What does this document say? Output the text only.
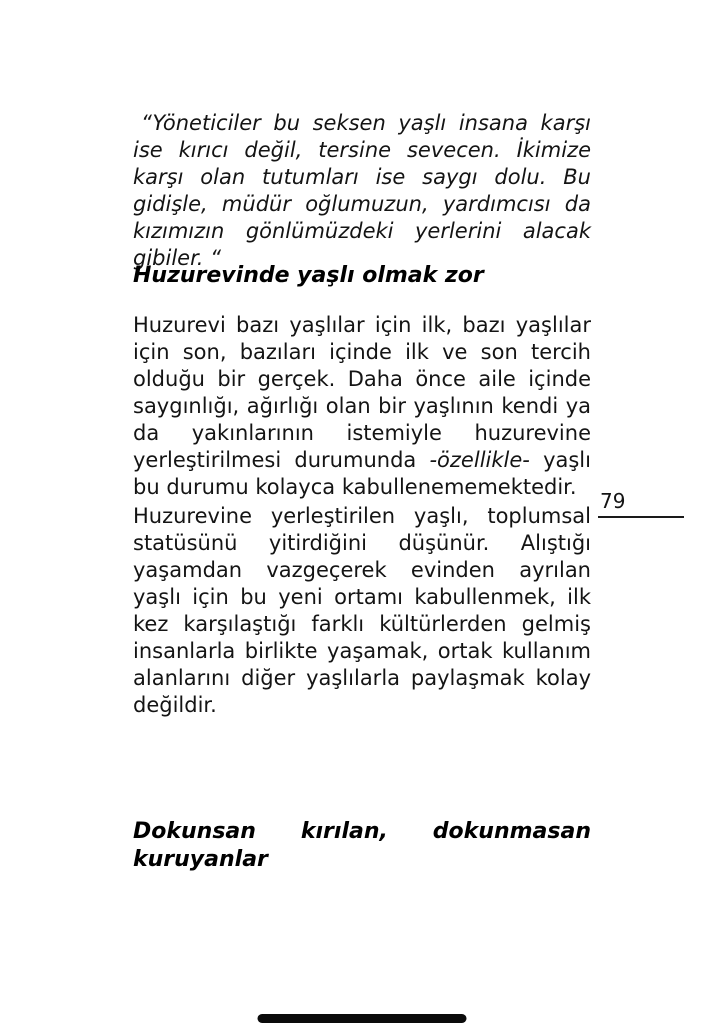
“Yöneticiler bu seksen yaşlı insana karşı ise kırıcı değil, tersine sevecen. İkimize karşı olan tutumları ise saygı dolu. Bu gidişle, müdür oğlumuzun, yardımcısı da kızımızın gönlümüzdeki yerlerini alacak gibiler. “

Huzurevinde yaşlı olmak zor

Huzurevi bazı yaşlılar için ilk, bazı yaşlılar için son, bazıları içinde ilk ve son tercih olduğu bir gerçek. Daha önce aile içinde saygınlığı, ağırlığı olan bir yaşlının kendi ya da yakınlarının istemiyle huzurevine yerleştirilmesi durumunda -özellikle- yaşlı bu durumu kolayca kabullenememektedir.

79

Huzurevine yerleştirilen yaşlı, toplumsal statüsünü yitirdiğini düşünür. Alıştığı yaşamdan vazgeçerek evinden ayrılan yaşlı için bu yeni ortamı kabullenmek, ilk kez karşılaştığı farklı kültürlerden gelmiş insanlarla birlikte yaşamak, ortak kullanım alanlarını diğer yaşlılarla paylaşmak kolay değildir.

Dokunsan kırılan, dokunmasan kuruyanlar
